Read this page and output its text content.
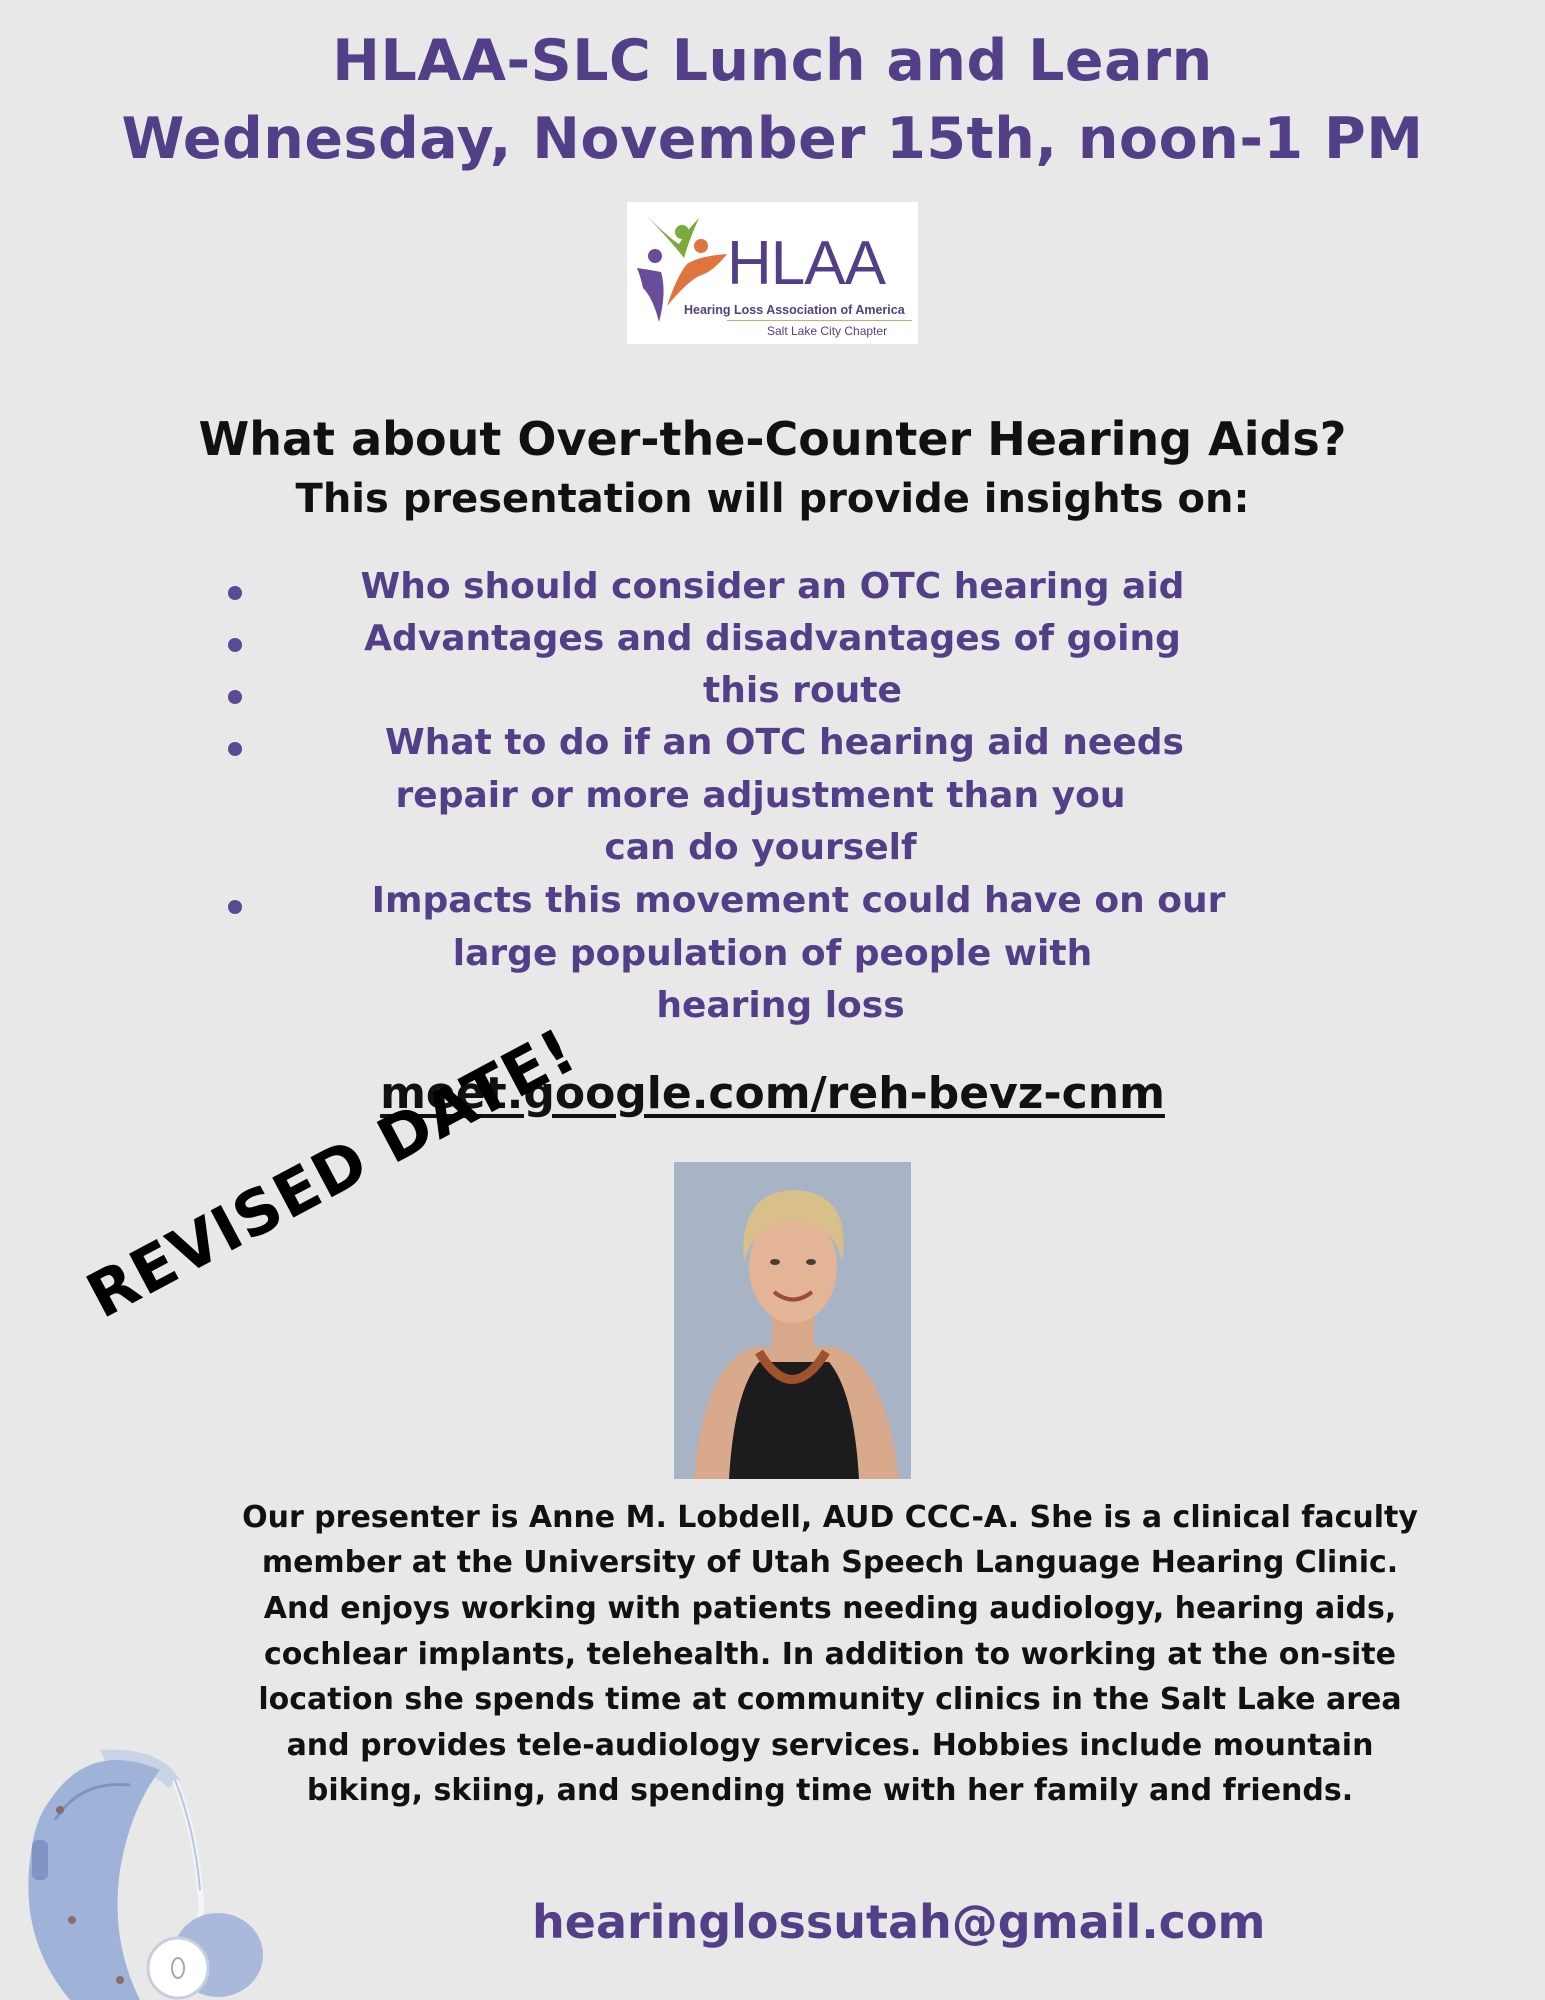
HLAA-SLC Lunch and Learn
Wednesday, November 15th, noon-1 PM
HLAA
Hearing Loss Association of America
Salt Lake City Chapter
What about Over-the-Counter Hearing Aids?
This presentation will provide insights on:
Who should consider an OTC hearing aid
Advantages and disadvantages of going
this route
What to do if an OTC hearing aid needs
repair or more adjustment than you
can do yourself
Impacts this movement could have on our
large population of people with
hearing loss
meet.google.com/reh-bevz-cnm
REVISED DATE!
Our presenter is Anne M. Lobdell, AUD CCC-A. She is a clinical faculty
member at the University of Utah Speech Language Hearing Clinic.
And enjoys working with patients needing audiology, hearing aids,
cochlear implants, telehealth. In addition to working at the on-site
location she spends time at community clinics in the Salt Lake area
and provides tele-audiology services. Hobbies include mountain
biking, skiing, and spending time with her family and friends.
hearinglossutah@gmail.com
